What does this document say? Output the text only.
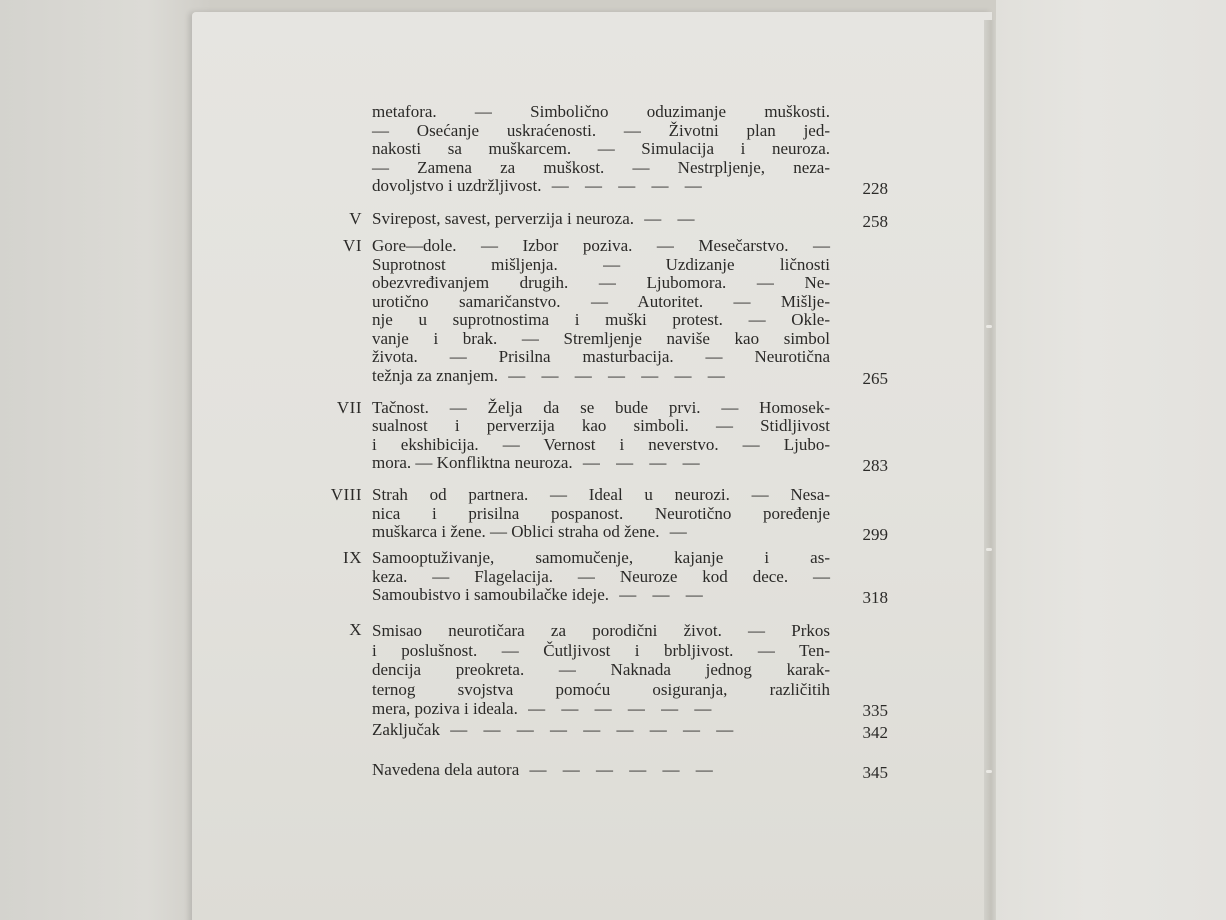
metafora. — Simbolično oduzimanje muškosti.
— Osećanje uskraćenosti. — Životni plan jed-
nakosti sa muškarcem. — Simulacija i neuroza.
— Zamena za muškost. — Nestrpljenje, neza-
dovoljstvo i uzdržljivost. — — — — —	228
V Svirepost, savest, perverzija i neuroza. — —	258
VI Gore—dole. — Izbor poziva. — Mesečarstvo. —
Suprotnost mišljenja. — Uzdizanje ličnosti
obezvređivanjem drugih. — Ljubomora. — Ne-
urotično samaričanstvo. — Autoritet. — Mišlje-
nje u suprotnostima i muški protest. — Okle-
vanje i brak. — Stremljenje naviše kao simbol
života. — Prisilna masturbacija. — Neurotična
težnja za znanjem. — — — — — — —	265
VII Tačnost. — Želja da se bude prvi. — Homosek-
sualnost i perverzija kao simboli. — Stidljivost
i ekshibicija. — Vernost i neverstvo. — Ljubo-
mora. — Konfliktna neuroza. — — — —	283
VIII Strah od partnera. — Ideal u neurozi. — Nesa-
nica i prisilna pospanost. Neurotično poređenje
muškarca i žene. — Oblici straha od žene. —	299
IX Samooptuživanje, samomučenje, kajanje i as-
keza. — Flagelacija. — Neuroze kod dece. —
Samoubistvo i samoubilačke ideje. — — —	318
X Smisao neurotičara za porodični život. — Prkos
i poslušnost. — Čutljivost i brbljivost. — Ten-
dencija preokreta. — Naknada jednog karak-
ternog svojstva pomoću osiguranja, različitih
mera, poziva i ideala. — — — — — —	335
Zaključak — — — — — — — — —	342
Navedena dela autora — — — — — —	345
